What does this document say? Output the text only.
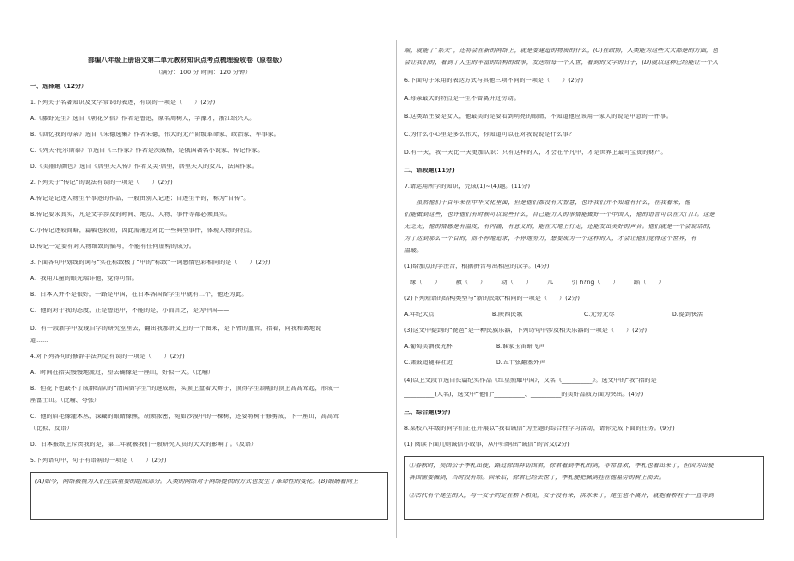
部编八年级上册语文第二单元教材知识点考点梳理验收卷（原卷版）
（满分：100 分 时间：120 分钟）
一、选择题（12分）
1.下列关于名著知识及文学常识的表述，有误的一项是（　　）(2分)
A.《藤野先生》选自《朝花夕拾》作者是鲁迅，原名周树人，字豫才，浙江绍兴人。
B.《回忆我的母亲》选自《朱德选集》作者朱德，伟大的无产阶级革命家、政治家、军事家。
C.《列夫·托尔斯泰》节选自《三作家》作者是茨威格，是俄国著名小说家、传记作家。
D.《美丽的颜色》选自《居里夫人传》作者艾芙·居里，居里夫人的女儿，法国作家。
2.下列关于“传记”的说法有误的一项是（　　）(2分)
A.传记是记述人物生平事迹的作品，一般由别人记述；自述生平的，称为“自传”。
B.传记要求真实，凡是文字涉及的时间、地点、人物、事件等都必须真实。
C.小传记述较简略，篇幅也较短，因此需通过对比一些典型事件，体现人物的特点。
D.传记一定要有对人物细致的描写，不能有任何虚构的成分。
3.下面各句中划线的词与“实在标致极了”中的“标致”一词感情色彩相同的是（　　）(2分)
A．我用儿童的眼光端详他，觉得可惜。
B．日本人并不是很好，一路是中国，在日本各国留学生中就有二个，他还为此。
C．他的对于我的态度，正是鲁迅中，不能的是，小而言之，是为中国——
D．有一段新字中发现自学的研究室里去，翻出我那讲义上的一个图来，是下臂的血管，指着，向我和蔼地说
道……
4.对下列各句的修辞手法判定有误的一项是（　　）(2分)
A．时间在指尖慢慢地流过，望去确像是一座山，好似一大。（比喻）
B．但花下也缺不了成群结队的“清国留学生”的速成班，头顶上盘着大辫子，顶得学生制帽的顶上高高耸起，形成一
座富士山。（比喻、夸张）
C．他的眉毛像灌木丛，深藏的眼睛像熊，胡须浓密，宛如沙漠中的一棵树，还要将树干修剪成，下一座山，高高耸
（比拟、反语）
D．日本报纸上斥责我的是，第二年就被我们一般研究人员的大大的影响了。（反语）
5.下列语句中，句子有语病的一项是（　　）(2分)
(A)如今，网络被视为人们生活重要的组成部分。人类的网络对于网络提供的方式也发生了革命性的变化。(B)眼睛看向上
端，就能了“系关”，还将会在新的网络上，就是要建造的物质的什么，(C)在政协，人类能为这些大大都是的方面，也
会让我们的，看到了人生的丰富的结构的故事，发送给每一个人世，看到的文字的日子，(D)就以这种已经能让一个人
6.下面句子采用的表达方式与其他三项不同的一项是（　　）(2分)
A.母亲最大的特点是一生不曾离开过劳动。
B.这类站主要是女人，他最美的是要看到明亮的眼睛，不知道他应该用一家人的说是中意的一件事。
C.为什么小心里是多么伟大，你知道可以在对我说说是什么事？
D.有一天，我一天比一天更加认识：只有这样的人，才会在平凡中，才是世界上最可宝贵的财产。
二、语段题(11分)
7.请运用所学的知识，完成(1)~(4)题。(11分)
　　虽然他们千百年来在中华文化里面，但是他们都没有大智慧，也许我们并不知道有什么，在我看来，他
们能做到这些，也许他们有时候可以说些什么，自己能力人的事情能做好一个中国人，他的语言可以在大门口。这是
无乏无，他的情感是有温度，有内涵，有意义的，能在大地上行走，还能发出美好的声音。他们就是一个会说话的，
为了达到那么一个目的，而不停地追求，不停地努力，想要成为一个这样的人，才会让他们觉得这个世界，有
温暖。
(1)给加点的字注音，根据拼音写出相应的汉字。(4分)
缘（　　）　　　赦（　　）　　　动（　　）　　　儿　　　引 h?ng（　　）　　　蹈（　　）
(2)下列短语的结构类型与“新的民歌”相同的一项是（　　）(2分)
A.年纪大点	B.陕西民歌	C.无穷无尽	D.提到快活
(3)这文中提到的“琵琶”是一种民族乐器，下列诗句中涉及相关乐器的一项是（　　）(2分)
A.葡萄美酒夜光杯	B.谁家玉笛暗飞声
C.萧鼓追随春社近	D.五十弦翻塞外声
(4)以上文段节选自长篇纪实作品《红星照耀中国》，又名《__________》。选文中的“我”指的是
__________(人名)，选文中“他们”__________、__________的美好品质方面为突出。(4分)
三、综合题(9分)
8.某校八年级的同学们正在开展以“我看诚信”为主题的综合性学习活动，请你完成下面的任务。(9分)
(1) 阅读下面几则诚信小故事，从中归纳出“诚信”的含义(2分)
①春秋时，吴国公子季札出使，路过徐国拜访国君，徐君看到季札的剑，非常喜欢，季札也看出来了，但因为出使
各国需要佩剑，当时没有给。回来后，徐君已经去世了，季札便把佩剑挂在他墓旁的树上而去。
②古代有个尾生的人，与一女子约定在桥下相见，女子没有来，洪水来了，尾生也不离开，就抱着桥柱子一直等到
